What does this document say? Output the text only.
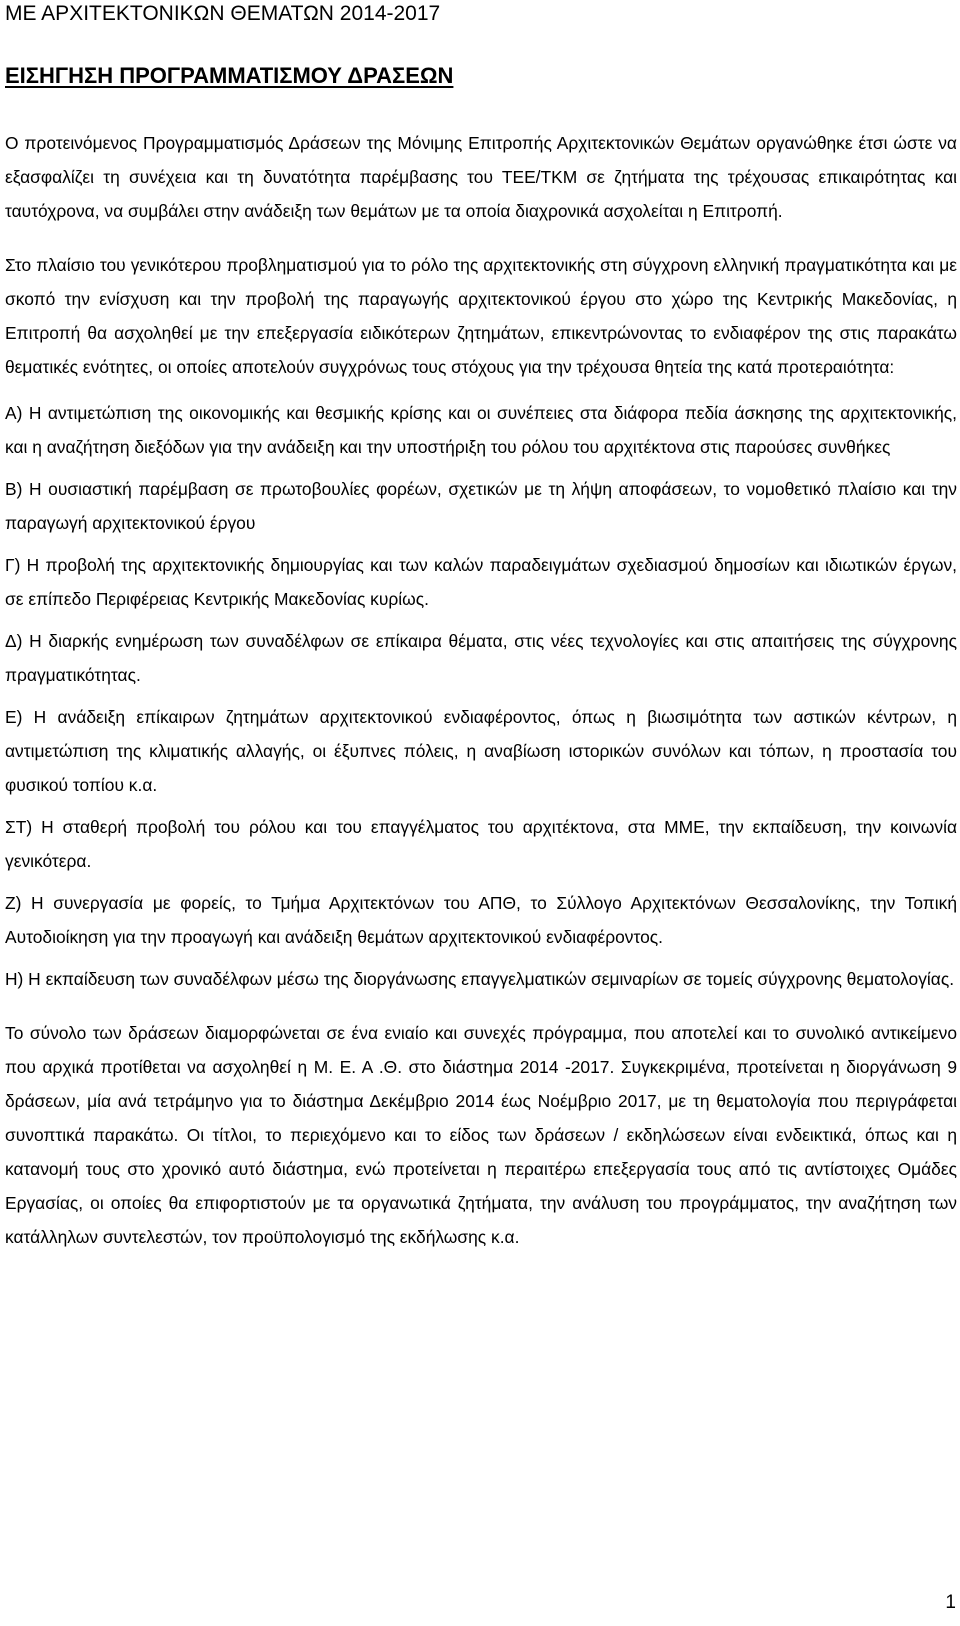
ΜΕ ΑΡΧΙΤΕΚΤΟΝΙΚΩΝ ΘΕΜΑΤΩΝ 2014-2017
ΕΙΣΗΓΗΣΗ ΠΡΟΓΡΑΜΜΑΤΙΣΜΟΥ ΔΡΑΣΕΩΝ

Ο προτεινόμενος Προγραμματισμός Δράσεων της Μόνιμης Επιτροπής Αρχιτεκτονικών Θεμάτων οργανώθηκε έτσι ώστε να εξασφαλίζει τη συνέχεια και τη δυνατότητα παρέμβασης του ΤΕΕ/ΤΚΜ σε ζητήματα της τρέχουσας επικαιρότητας και ταυτόχρονα, να συμβάλει στην ανάδειξη των θεμάτων με τα οποία διαχρονικά ασχολείται η Επιτροπή.

Στο πλαίσιο του γενικότερου προβληματισμού για το ρόλο της αρχιτεκτονικής στη σύγχρονη ελληνική πραγματικότητα και με σκοπό την ενίσχυση και την προβολή της παραγωγής αρχιτεκτονικού έργου στο χώρο της Κεντρικής Μακεδονίας, η Επιτροπή θα ασχοληθεί με την επεξεργασία ειδικότερων ζητημάτων, επικεντρώνοντας το ενδιαφέρον της στις παρακάτω θεματικές ενότητες, οι οποίες αποτελούν συγχρόνως τους στόχους για την τρέχουσα θητεία της κατά προτεραιότητα:

Α) Η αντιμετώπιση της οικονομικής και θεσμικής κρίσης και οι συνέπειες στα διάφορα πεδία άσκησης της αρχιτεκτονικής, και η αναζήτηση διεξόδων για την ανάδειξη και την υποστήριξη του ρόλου του αρχιτέκτονα στις παρούσες συνθήκες

Β) Η ουσιαστική παρέμβαση σε πρωτοβουλίες φορέων, σχετικών με τη λήψη αποφάσεων, το νομοθετικό πλαίσιο και την παραγωγή αρχιτεκτονικού έργου

Γ) Η προβολή της αρχιτεκτονικής δημιουργίας και των καλών παραδειγμάτων σχεδιασμού δημοσίων και ιδιωτικών έργων, σε επίπεδο Περιφέρειας Κεντρικής Μακεδονίας κυρίως.

Δ) Η διαρκής ενημέρωση των συναδέλφων σε επίκαιρα θέματα, στις νέες τεχνολογίες και στις απαιτήσεις της σύγχρονης πραγματικότητας.

Ε) Η ανάδειξη επίκαιρων ζητημάτων αρχιτεκτονικού ενδιαφέροντος, όπως η βιωσιμότητα των αστικών κέντρων, η αντιμετώπιση της κλιματικής αλλαγής, οι έξυπνες πόλεις, η αναβίωση ιστορικών συνόλων και τόπων, η προστασία του φυσικού τοπίου κ.α.

ΣΤ) Η σταθερή προβολή του ρόλου και του επαγγέλματος του αρχιτέκτονα, στα ΜΜΕ, την εκπαίδευση, την κοινωνία γενικότερα.

Ζ) Η συνεργασία με φορείς, το Τμήμα Αρχιτεκτόνων του ΑΠΘ, το Σύλλογο Αρχιτεκτόνων Θεσσαλονίκης, την Τοπική Αυτοδιοίκηση για την προαγωγή και ανάδειξη θεμάτων αρχιτεκτονικού ενδιαφέροντος.

Η) Η εκπαίδευση των συναδέλφων μέσω της διοργάνωσης επαγγελματικών σεμιναρίων σε τομείς σύγχρονης θεματολογίας.

Το σύνολο των δράσεων διαμορφώνεται σε ένα ενιαίο και συνεχές πρόγραμμα, που αποτελεί και το συνολικό αντικείμενο που αρχικά προτίθεται να ασχοληθεί η Μ. Ε. Α .Θ. στο διάστημα 2014 -2017. Συγκεκριμένα, προτείνεται η διοργάνωση 9 δράσεων, μία ανά τετράμηνο για το διάστημα Δεκέμβριο 2014 έως Νοέμβριο 2017, με τη θεματολογία που περιγράφεται συνοπτικά παρακάτω. Οι τίτλοι, το περιεχόμενο και το είδος των δράσεων / εκδηλώσεων είναι ενδεικτικά, όπως και η κατανομή τους στο χρονικό αυτό διάστημα, ενώ προτείνεται η περαιτέρω επεξεργασία τους από τις αντίστοιχες Ομάδες Εργασίας, οι οποίες θα επιφορτιστούν με τα οργανωτικά ζητήματα, την ανάλυση του προγράμματος, την αναζήτηση των κατάλληλων συντελεστών, τον προϋπολογισμό της εκδήλωσης κ.α.

1
